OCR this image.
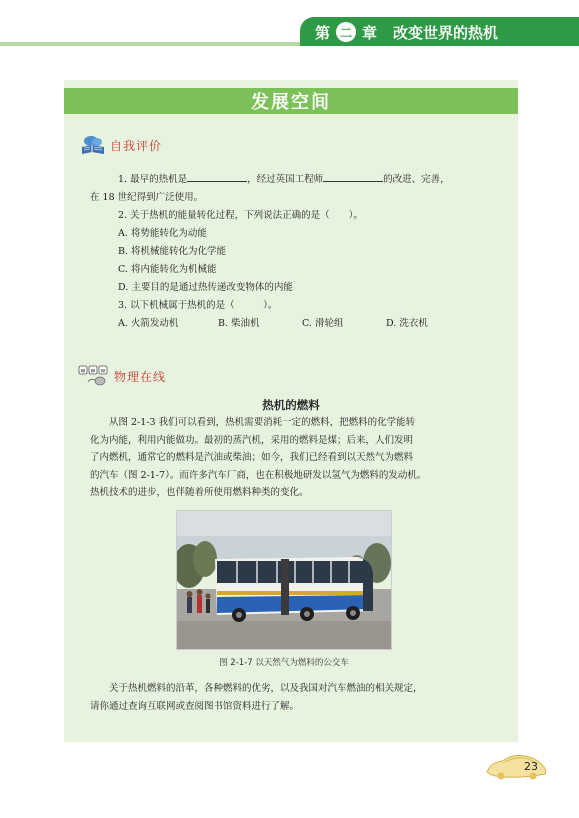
第 二 章 改变世界的热机
发展空间
自我评价
1. 最早的热机是	，经过英国工程师	的改进、完善，
在 18 世纪得到广泛使用。
2. 关于热机的能量转化过程，下列说法正确的是（　　）。
A. 将势能转化为动能
B. 将机械能转化为化学能
C. 将内能转化为机械能
D. 主要目的是通过热传递改变物体的内能
3. 以下机械属于热机的是（　　　）。
A. 火箭发动机	B. 柴油机	C. 滑轮组	D. 洗衣机
w w w 物理在线
热机的燃料
　　从图 2-1-3 我们可以看到，热机需要消耗一定的燃料，把燃料的化学能转
化为内能，利用内能做功。最初的蒸汽机，采用的燃料是煤；后来，人们发明
了内燃机，通常它的燃料是汽油或柴油；如今，我们已经看到以天然气为燃料
的汽车（图 2-1-7）。而许多汽车厂商，也在积极地研发以氢气为燃料的发动机。
热机技术的进步，也伴随着所使用燃料种类的变化。
图 2-1-7 以天然气为燃料的公交车
　　关于热机燃料的沿革，各种燃料的优劣，以及我国对汽车燃油的相关规定，
请你通过查询互联网或查阅图书馆资料进行了解。
23
